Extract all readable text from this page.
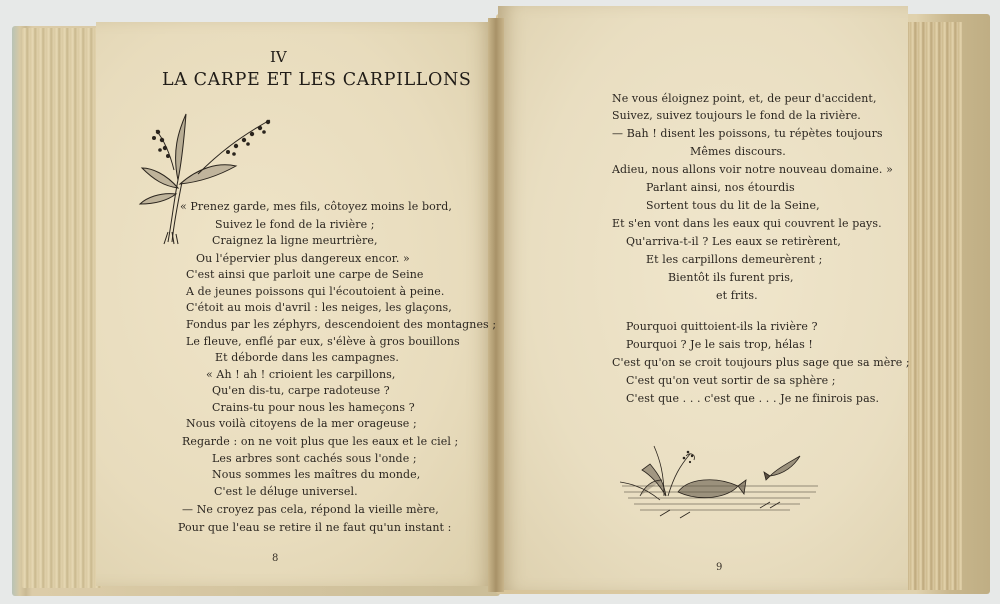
IV
LA CARPE ET LES CARPILLONS
« Prenez garde, mes fils, côtoyez moins le bord,
Suivez le fond de la rivière ;
Craignez la ligne meurtrière,
Ou l'épervier plus dangereux encor. »
C'est ainsi que parloit une carpe de Seine
A de jeunes poissons qui l'écoutoient à peine.
C'étoit au mois d'avril : les neiges, les glaçons,
Fondus par les zéphyrs, descendoient des montagnes ;
Le fleuve, enflé par eux, s'élève à gros bouillons
Et déborde dans les campagnes.
« Ah ! ah ! crioient les carpillons,
Qu'en dis-tu, carpe radoteuse ?
Crains-tu pour nous les hameçons ?
Nous voilà citoyens de la mer orageuse ;
Regarde : on ne voit plus que les eaux et le ciel ;
Les arbres sont cachés sous l'onde ;
Nous sommes les maîtres du monde,
C'est le déluge universel.
— Ne croyez pas cela, répond la vieille mère,
Pour que l'eau se retire il ne faut qu'un instant :
8
Ne vous éloignez point, et, de peur d'accident,
Suivez, suivez toujours le fond de la rivière.
— Bah ! disent les poissons, tu répètes toujours
Mêmes discours.
Adieu, nous allons voir notre nouveau domaine. »
Parlant ainsi, nos étourdis
Sortent tous du lit de la Seine,
Et s'en vont dans les eaux qui couvrent le pays.
Qu'arriva-t-il ? Les eaux se retirèrent,
Et les carpillons demeurèrent ;
Bientôt ils furent pris,
et frits.
Pourquoi quittoient-ils la rivière ?
Pourquoi ? Je le sais trop, hélas !
C'est qu'on se croit toujours plus sage que sa mère ;
C'est qu'on veut sortir de sa sphère ;
C'est que . . . c'est que . . . Je ne finirois pas.
9
